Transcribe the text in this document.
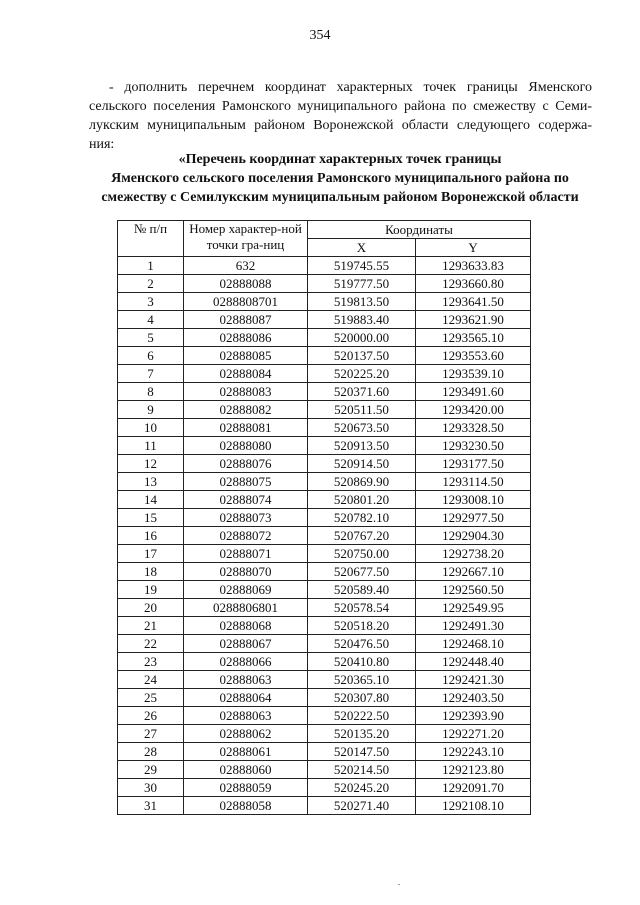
354
- дополнить перечнем координат характерных точек границы Яменского
сельского поселения Рамонского муниципального района по смежеству с Семи-
лукским муниципальным районом Воронежской области следующего содержа-
ния:
«Перечень координат характерных точек границы
Яменского сельского поселения Рамонского муниципального района по
смежеству с Семилукским муниципальным районом Воронежской области
№ п/п	Номер характер-ной точки гра-ниц	Координаты	
		X	Y
1	632	519745.55	1293633.83
2	02888088	519777.50	1293660.80
3	0288808701	519813.50	1293641.50
4	02888087	519883.40	1293621.90
5	02888086	520000.00	1293565.10
6	02888085	520137.50	1293553.60
7	02888084	520225.20	1293539.10
8	02888083	520371.60	1293491.60
9	02888082	520511.50	1293420.00
10	02888081	520673.50	1293328.50
11	02888080	520913.50	1293230.50
12	02888076	520914.50	1293177.50
13	02888075	520869.90	1293114.50
14	02888074	520801.20	1293008.10
15	02888073	520782.10	1292977.50
16	02888072	520767.20	1292904.30
17	02888071	520750.00	1292738.20
18	02888070	520677.50	1292667.10
19	02888069	520589.40	1292560.50
20	0288806801	520578.54	1292549.95
21	02888068	520518.20	1292491.30
22	02888067	520476.50	1292468.10
23	02888066	520410.80	1292448.40
24	02888063	520365.10	1292421.30
25	02888064	520307.80	1292403.50
26	02888063	520222.50	1292393.90
27	02888062	520135.20	1292271.20
28	02888061	520147.50	1292243.10
29	02888060	520214.50	1292123.80
30	02888059	520245.20	1292091.70
31	02888058	520271.40	1292108.10
